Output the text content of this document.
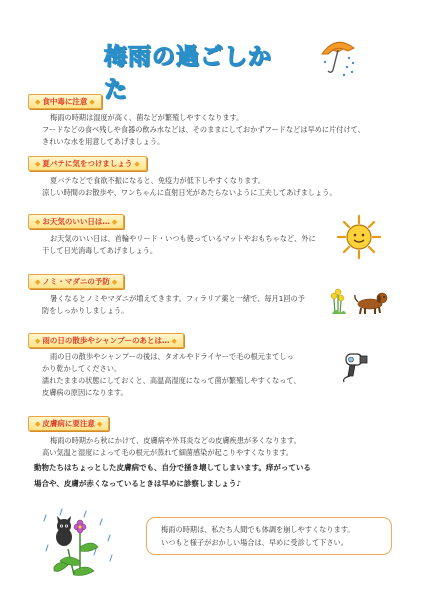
梅雨の過ごしかた
◆ 食中毒に注意 ◆

梅雨の時期は湿度が高く、菌などが繁殖しやすくなります。

フードなどの食べ残しや食器の飲み水などは、そのままにしておかずフードなどは早めに片付けて、

きれいな水を用意してあげましょう。

◆ 夏バテに気をつけましょう ◆

夏バテなどで食欲不振になると、免疫力が低下しやすくなります。

涼しい時間のお散歩や、ワンちゃんに直射日光があたらないように工夫してあげましょう。

◆ お天気のいい日は… ◆

お天気のいい日は、首輪やリード・いつも使っているマットやおもちゃなど、外に

干して日光消毒してあげましょう。

◆ ノミ・マダニの予防 ◆

暑くなるとノミやマダニが増えてきます。フィラリア薬と一緒で、毎月1回の予

防をしっかりしましょう。

◆ 雨の日の散歩やシャンプーのあとは… ◆

雨の日の散歩やシャンプーの後は、タオルやドライヤーで毛の根元まてしっ

かり乾かしてください。

濡れたままの状態にしておくと、高温高湿度になって菌が繁殖しやすくなって、

皮膚病の原因になります。

◆ 皮膚病に要注意 ◆

梅雨の時期から秋にかけて、皮膚病や外耳炎などの皮膚疾患が多くなります。

高い気温と湿度によって毛の根元が蒸れて細菌感染が起こりやすくなります。

動物たちはちょっとした皮膚病でも、自分で掻き壊してしまいます。痒がっている

場合や、皮膚が赤くなっているときは早めに診察しましょう♪

梅雨の時期は、私たち人間でも体調を崩しやすくなります。

いつもと様子がおかしい場合は、早めに受診して下さい。
